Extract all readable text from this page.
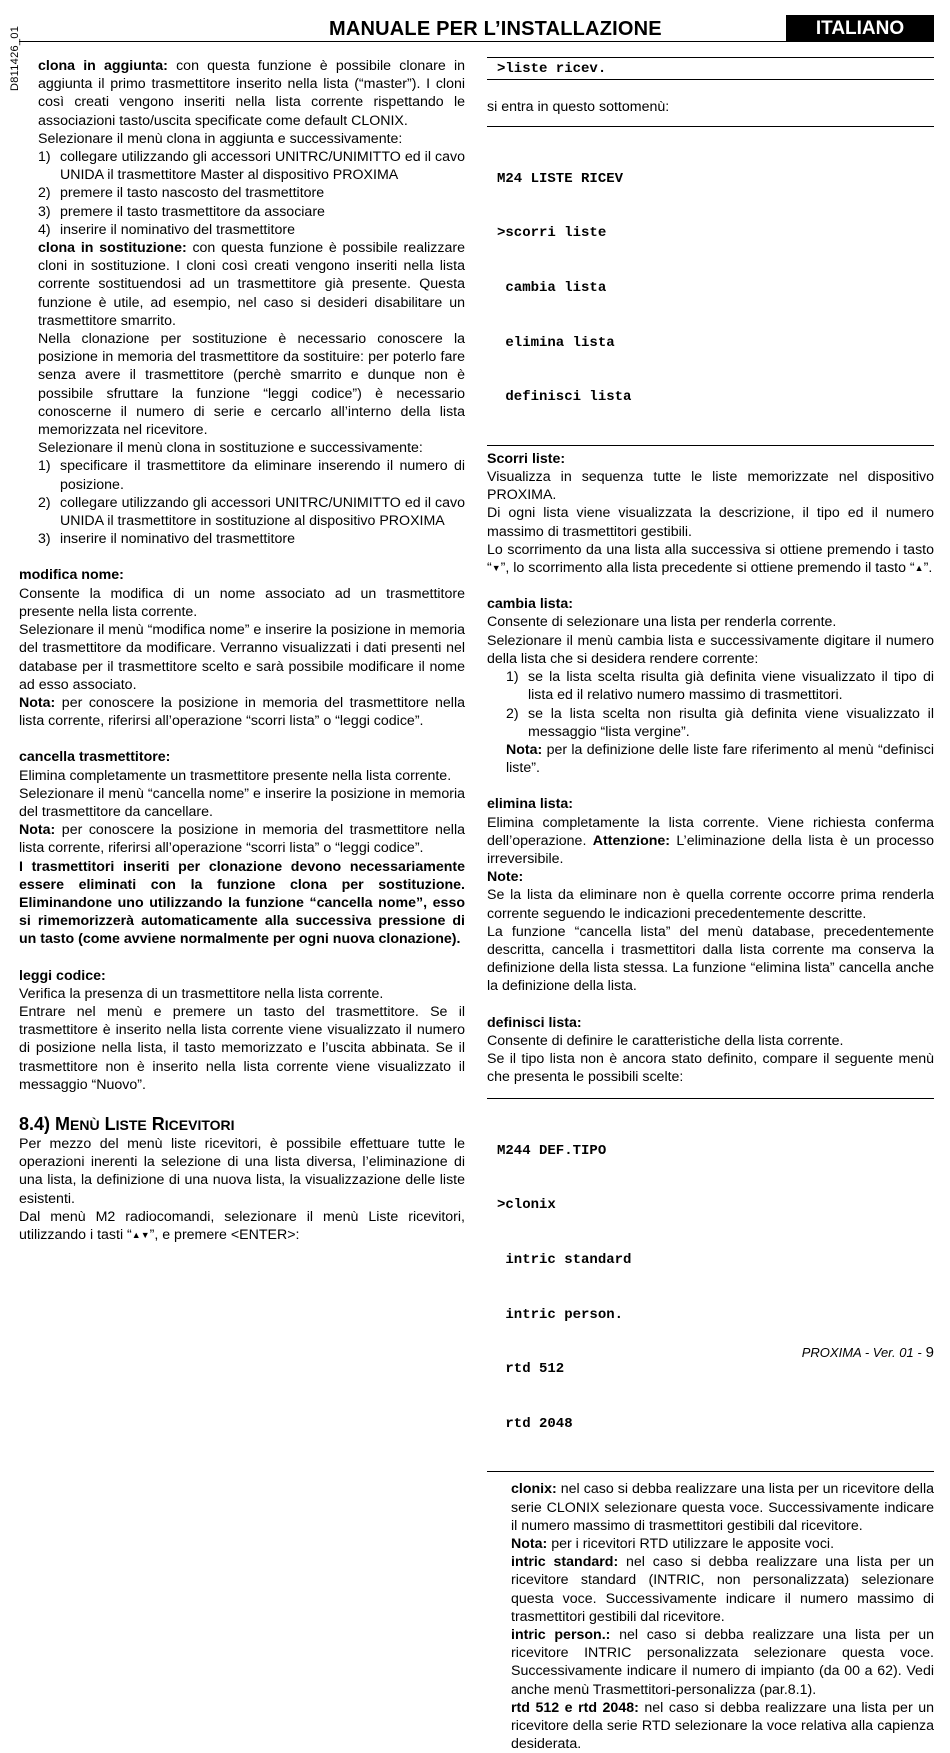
D811426_01	MANUALE PER L’INSTALLAZIONE	ITALIANO

clona in aggiunta: con questa funzione è possibile clonare in aggiunta il primo trasmettitore inserito nella lista (“master”). I cloni così creati vengono inseriti nella lista corrente rispettando le associazioni tasto/uscita specificate come default CLONIX.

Selezionare il menù clona in aggiunta e successivamente:

1) collegare utilizzando gli accessori UNITRC/UNIMITTO ed il cavo UNIDA il trasmettitore Master al dispositivo PROXIMA
2) premere il tasto nascosto del trasmettitore
3) premere il tasto trasmettitore da associare
4) inserire il nominativo del trasmettitore

clona in sostituzione: con questa funzione è possibile realizzare cloni in sostituzione. I cloni così creati vengono inseriti nella lista corrente sostituendosi ad un trasmettitore già presente. Questa funzione è utile, ad esempio, nel caso si desideri disabilitare un trasmettitore smarrito.

Nella clonazione per sostituzione è necessario conoscere la posizione in memoria del trasmettitore da sostituire: per poterlo fare senza avere il trasmettitore (perchè smarrito e dunque non è possibile sfruttare la funzione “leggi codice”) è necessario conoscerne il numero di serie e cercarlo all’interno della lista memorizzata nel ricevitore.

Selezionare il menù clona in sostituzione e successivamente:

1) specificare il trasmettitore da eliminare inserendo il numero di posizione.
2) collegare utilizzando gli accessori UNITRC/UNIMITTO ed il cavo UNIDA il trasmettitore in sostituzione al dispositivo PROXIMA
3) inserire il nominativo del trasmettitore

modifica nome:

Consente la modifica di un nome associato ad un trasmettitore presente nella lista corrente.

Selezionare il menù “modifica nome” e inserire la posizione in memoria del trasmettitore da modificare. Verranno visualizzati i dati presenti nel database per il trasmettitore scelto e sarà possibile modificare il nome ad esso associato.

Nota: per conoscere la posizione in memoria del trasmettitore nella lista corrente, riferirsi all’operazione “scorri lista” o “leggi codice”.

cancella trasmettitore:

Elimina completamente un trasmettitore presente nella lista corrente.

Selezionare il menù “cancella nome” e inserire la posizione in memoria del trasmettitore da cancellare.

Nota: per conoscere la posizione in memoria del trasmettitore nella lista corrente, riferirsi all’operazione “scorri lista” o “leggi codice”.

I trasmettitori inseriti per clonazione devono necessariamente essere eliminati con la funzione clona per sostituzione. Eliminandone uno utilizzando la funzione “cancella nome”, esso si rimemorizzerà automaticamente alla successiva pressione di un tasto (come avviene normalmente per ogni nuova clonazione).

leggi codice:

Verifica la presenza di un trasmettitore nella lista corrente.

Entrare nel menù e premere un tasto del trasmettitore. Se il trasmettitore è inserito nella lista corrente viene visualizzato il numero di posizione nella lista, il tasto memorizzato e l’uscita abbinata. Se il trasmettitore non è inserito nella lista corrente viene visualizzato il messaggio “Nuovo”.

8.4) MENÙ LISTE RICEVITORI

Per mezzo del menù liste ricevitori, è possibile effettuare tutte le operazioni inerenti la selezione di una lista diversa, l’eliminazione di una lista, la definizione di una nuova lista, la visualizzazione delle liste esistenti.

Dal menù M2 radiocomandi, selezionare il menù Liste ricevitori, utilizzando i tasti “▲▼”, e premere <ENTER>:

>liste ricev.

si entra in questo sottomenù:

M24 LISTE RICEV

>scorri liste

cambia lista

elimina lista

definisci lista

Scorri liste:

Visualizza in sequenza tutte le liste memorizzate nel dispositivo PROXIMA.

Di ogni lista viene visualizzata la descrizione, il tipo ed il numero massimo di trasmettitori gestibili.

Lo scorrimento da una lista alla successiva si ottiene premendo i tasto “▼”, lo scorrimento alla lista precedente si ottiene premendo il tasto “▲”.

cambia lista:

Consente di selezionare una lista per renderla corrente.

Selezionare il menù cambia lista e successivamente digitare il numero della lista che si desidera rendere corrente:

1) se la lista scelta risulta già definita viene visualizzato il tipo di lista ed il relativo numero massimo di trasmettitori.
2) se la lista scelta non risulta già definita viene visualizzato il messaggio “lista vergine”.

Nota: per la definizione delle liste fare riferimento al menù “definisci liste”.

elimina lista:

Elimina completamente la lista corrente. Viene richiesta conferma dell’operazione. Attenzione: L’eliminazione della lista è un processo irreversibile.

Note:

Se la lista da eliminare non è quella corrente occorre prima renderla corrente seguendo le indicazioni precedentemente descritte.

La funzione “cancella lista” del menù database, precedentemente descritta, cancella i trasmettitori dalla lista corrente ma conserva la definizione della lista stessa. La funzione “elimina lista” cancella anche la definizione della lista.

definisci lista:

Consente di definire le caratteristiche della lista corrente.

Se il tipo lista non è ancora stato definito, compare il seguente menù che presenta le possibili scelte:

M244 DEF.TIPO

>clonix

intric standard

intric person.

rtd 512

rtd 2048

clonix: nel caso si debba realizzare una lista per un ricevitore della serie CLONIX selezionare questa voce. Successivamente indicare il numero massimo di trasmettitori gestibili dal ricevitore.

Nota: per i ricevitori RTD utilizzare le apposite voci.

intric standard: nel caso si debba realizzare una lista per un ricevitore standard (INTRIC, non personalizzata) selezionare questa voce. Successivamente indicare il numero massimo di trasmettitori gestibili dal ricevitore.

intric person.: nel caso si debba realizzare una lista per un ricevitore INTRIC personalizzata selezionare questa voce. Successivamente indicare il numero di impianto (da 00 a 62). Vedi anche menù Trasmettitori-personalizza (par.8.1).

rtd 512 e rtd 2048: nel caso si debba realizzare una lista per un ricevitore della serie RTD selezionare la voce relativa alla capienza desiderata.

PROXIMA - Ver. 01 - 9
